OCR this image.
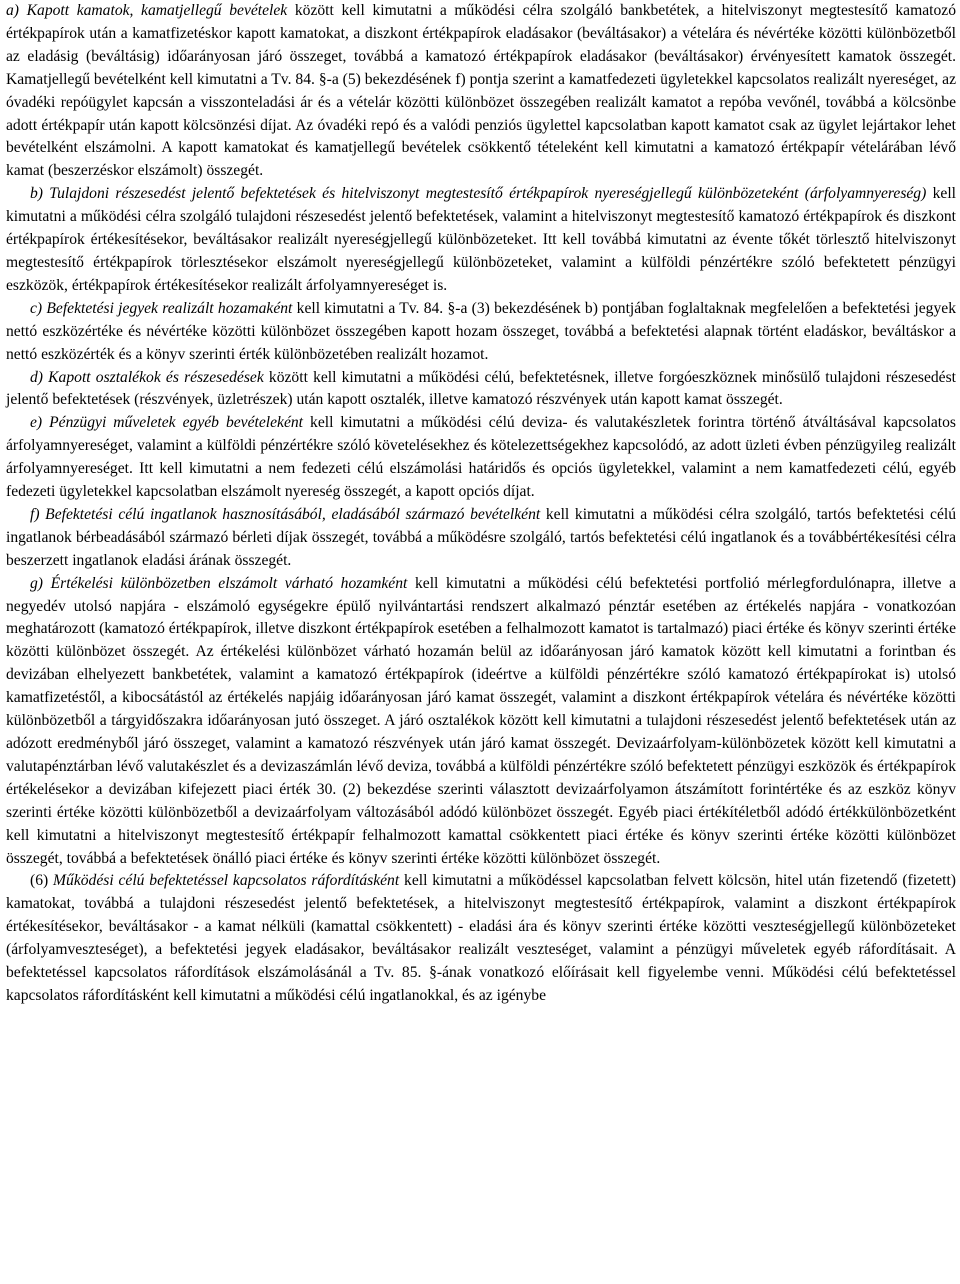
a) Kapott kamatok, kamatjellegű bevételek között kell kimutatni a működési célra szolgáló bankbetétek, a hitelviszonyt megtestesítő kamatozó értékpapírok után a kamatfizetéskor kapott kamatokat, a diszkont értékpapírok eladásakor (beváltásakor) a vételára és névértéke közötti különbözetből az eladásig (beváltásig) időarányosan járó összeget, továbbá a kamatozó értékpapírok eladásakor (beváltásakor) érvényesített kamatok összegét. Kamatjellegű bevételként kell kimutatni a Tv. 84. §-a (5) bekezdésének f) pontja szerint a kamatfedezeti ügyletekkel kapcsolatos realizált nyereséget, az óvadéki repóügylet kapcsán a visszonteladási ár és a vételár közötti különbözet összegében realizált kamatot a repóba vevőnél, továbbá a kölcsönbe adott értékpapír után kapott kölcsönzési díjat. Az óvadéki repó és a valódi penziós ügylettel kapcsolatban kapott kamatot csak az ügylet lejártakor lehet bevételként elszámolni. A kapott kamatokat és kamatjellegű bevételek csökkentő tételeként kell kimutatni a kamatozó értékpapír vételárában lévő kamat (beszerzéskor elszámolt) összegét.

b) Tulajdoni részesedést jelentő befektetések és hitelviszonyt megtestesítő értékpapírok nyereségjellegű különbözeteként (árfolyamnyereség) kell kimutatni a működési célra szolgáló tulajdoni részesedést jelentő befektetések, valamint a hitelviszonyt megtestesítő kamatozó értékpapírok és diszkont értékpapírok értékesítésekor, beváltásakor realizált nyereségjellegű különbözeteket. Itt kell továbbá kimutatni az évente tőkét törlesztő hitelviszonyt megtestesítő értékpapírok törlesztésekor elszámolt nyereségjellegű különbözeteket, valamint a külföldi pénzértékre szóló befektetett pénzügyi eszközök, értékpapírok értékesítésekor realizált árfolyamnyereséget is.

c) Befektetési jegyek realizált hozamaként kell kimutatni a Tv. 84. §-a (3) bekezdésének b) pontjában foglaltaknak megfelelően a befektetési jegyek nettó eszközértéke és névértéke közötti különbözet összegében kapott hozam összeget, továbbá a befektetési alapnak történt eladáskor, beváltáskor a nettó eszközérték és a könyv szerinti érték különbözetében realizált hozamot.

d) Kapott osztalékok és részesedések között kell kimutatni a működési célú, befektetésnek, illetve forgóeszköznek minősülő tulajdoni részesedést jelentő befektetések (részvények, üzletrészek) után kapott osztalék, illetve kamatozó részvények után kapott kamat összegét.

e) Pénzügyi műveletek egyéb bevételeként kell kimutatni a működési célú deviza- és valutakészletek forintra történő átváltásával kapcsolatos árfolyamnyereséget, valamint a külföldi pénzértékre szóló követelésekhez és kötelezettségekhez kapcsolódó, az adott üzleti évben pénzügyileg realizált árfolyamnyereséget. Itt kell kimutatni a nem fedezeti célú elszámolási határidős és opciós ügyletekkel, valamint a nem kamatfedezeti célú, egyéb fedezeti ügyletekkel kapcsolatban elszámolt nyereség összegét, a kapott opciós díjat.

f) Befektetési célú ingatlanok hasznosításából, eladásából származó bevételként kell kimutatni a működési célra szolgáló, tartós befektetési célú ingatlanok bérbeadásából származó bérleti díjak összegét, továbbá a működésre szolgáló, tartós befektetési célú ingatlanok és a továbbértékesítési célra beszerzett ingatlanok eladási árának összegét.

g) Értékelési különbözetben elszámolt várható hozamként kell kimutatni a működési célú befektetési portfolió mérlegfordulónapra, illetve a negyedév utolsó napjára - elszámoló egységekre épülő nyilvántartási rendszert alkalmazó pénztár esetében az értékelés napjára - vonatkozóan meghatározott (kamatozó értékpapírok, illetve diszkont értékpapírok esetében a felhalmozott kamatot is tartalmazó) piaci értéke és könyv szerinti értéke közötti különbözet összegét. Az értékelési különbözet várható hozamán belül az időarányosan járó kamatok között kell kimutatni a forintban és devizában elhelyezett bankbetétek, valamint a kamatozó értékpapírok (ideértve a külföldi pénzértékre szóló kamatozó értékpapírokat is) utolsó kamatfizetéstől, a kibocsátástól az értékelés napjáig időarányosan járó kamat összegét, valamint a diszkont értékpapírok vételára és névértéke közötti különbözetből a tárgyidőszakra időarányosan jutó összeget. A járó osztalékok között kell kimutatni a tulajdoni részesedést jelentő befektetések után az adózott eredményből járó összeget, valamint a kamatozó részvények után járó kamat összegét. Devizaárfolyam-különbözetek között kell kimutatni a valutapénztárban lévő valutakészlet és a devizaszámlán lévő deviza, továbbá a külföldi pénzértékre szóló befektetett pénzügyi eszközök és értékpapírok értékelésekor a devizában kifejezett piaci érték 30. (2) bekezdése szerinti választott devizaárfolyamon átszámított forintértéke és az eszköz könyv szerinti értéke közötti különbözetből a devizaárfolyam változásából adódó különbözet összegét. Egyéb piaci értékítéletből adódó értékkülönbözetként kell kimutatni a hitelviszonyt megtestesítő értékpapír felhalmozott kamattal csökkentett piaci értéke és könyv szerinti értéke közötti különbözet összegét, továbbá a befektetések önálló piaci értéke és könyv szerinti értéke közötti különbözet összegét.

(6) Működési célú befektetéssel kapcsolatos ráfordításként kell kimutatni a működéssel kapcsolatban felvett kölcsön, hitel után fizetendő (fizetett) kamatokat, továbbá a tulajdoni részesedést jelentő befektetések, a hitelviszonyt megtestesítő értékpapírok, valamint a diszkont értékpapírok értékesítésekor, beváltásakor - a kamat nélküli (kamattal csökkentett) - eladási ára és könyv szerinti értéke közötti veszteségjellegű különbözeteket (árfolyamveszteséget), a befektetési jegyek eladásakor, beváltásakor realizált veszteséget, valamint a pénzügyi műveletek egyéb ráfordításait. A befektetéssel kapcsolatos ráfordítások elszámolásánál a Tv. 85. §-ának vonatkozó előírásait kell figyelembe venni. Működési célú befektetéssel kapcsolatos ráfordításként kell kimutatni a működési célú ingatlanokkal, és az igénybe
